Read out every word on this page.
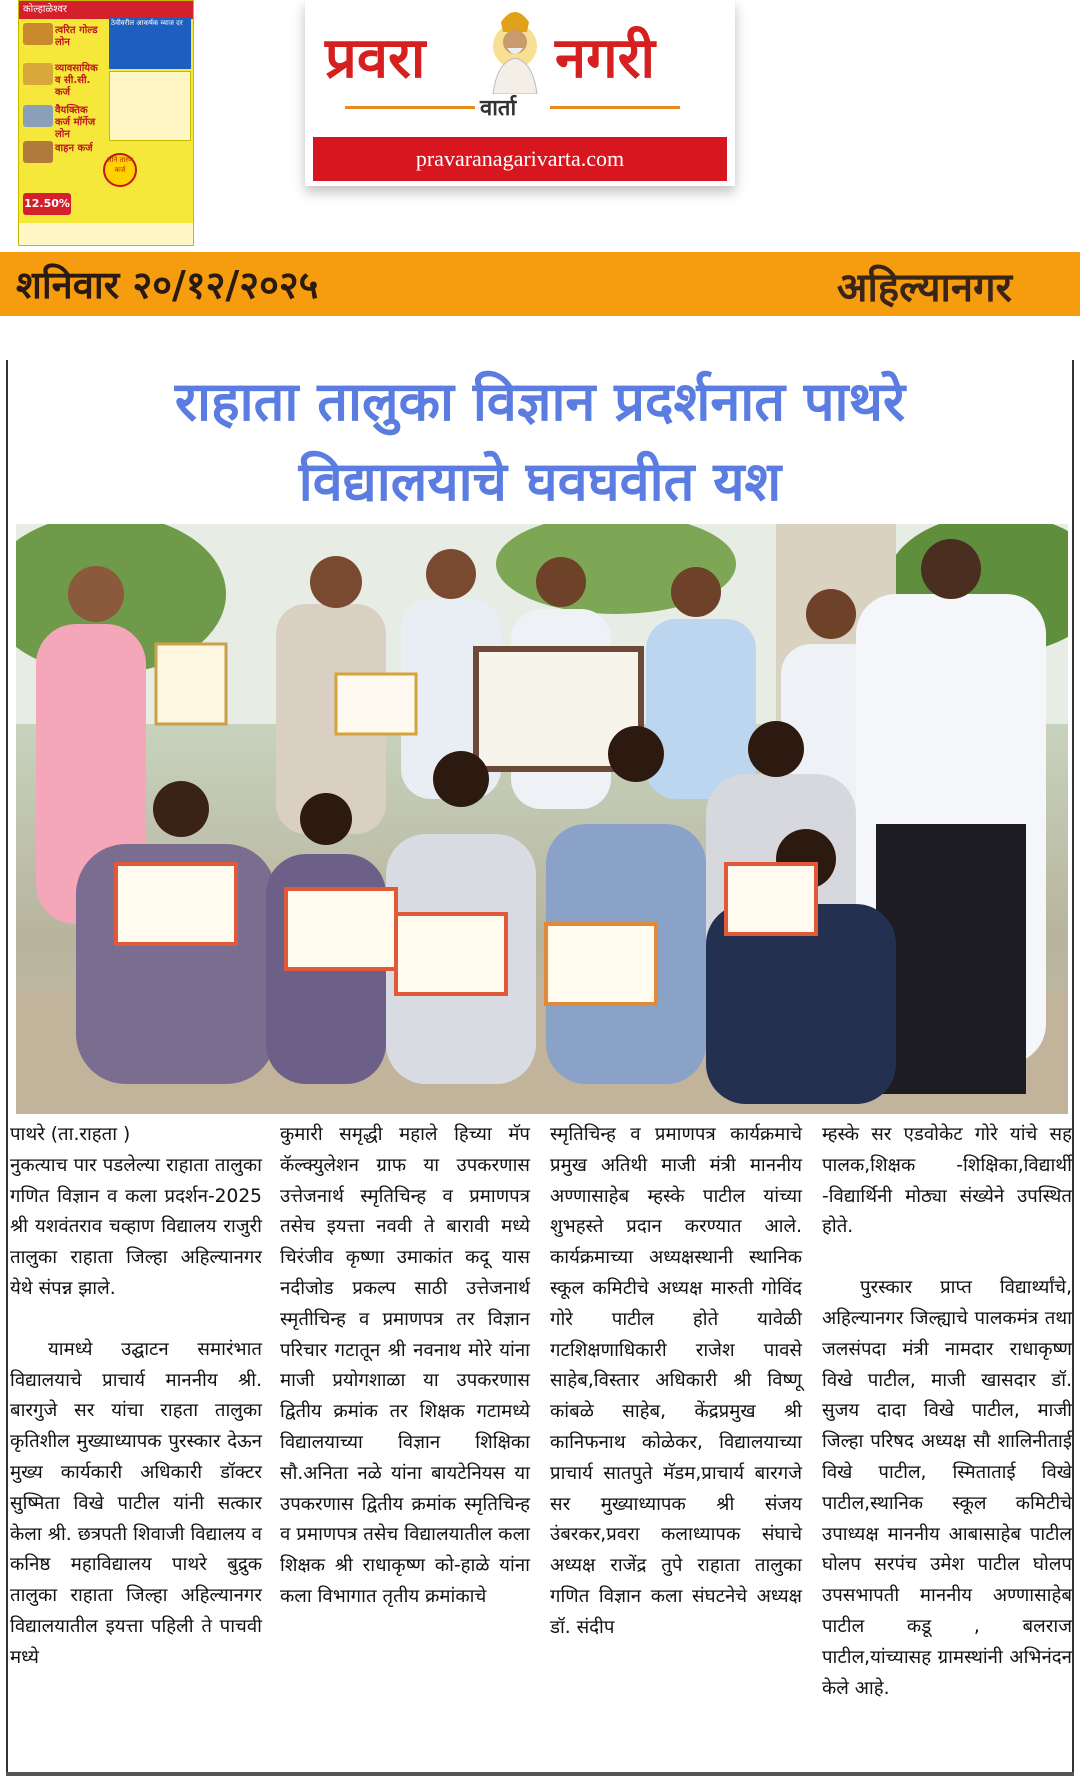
कोल्हाळेश्वर
त्वरित गोल्ड लोन
व्यावसायिक व सी.सी. कर्ज
वैयक्तिक कर्ज मॉर्गेज लोन
वाहन कर्ज
ठेवीवरील आकर्षक व्याज दर
सोने तारण कर्ज
12.50%
प्रवरा नगरी
वार्ता
pravaranagarivarta.com
शनिवार २०/१२/२०२५	अहिल्यानगर
राहाता तालुका विज्ञान प्रदर्शनात पाथरे
विद्यालयाचे घवघवीत यश

पाथरे (ता.राहता )

नुकत्याच पार पडलेल्या राहाता तालुका गणित विज्ञान व कला प्रदर्शन-2025 श्री यशवंतराव चव्हाण विद्यालय राजुरी तालुका राहाता जिल्हा अहिल्यानगर येथे संपन्न झाले.

यामध्ये उद्घाटन समारंभात विद्यालयाचे प्राचार्य माननीय श्री. बारगुजे सर यांचा राहता तालुका कृतिशील मुख्याध्यापक पुरस्कार देऊन मुख्य कार्यकारी अधिकारी डॉक्टर सुष्मिता विखे पाटील यांनी सत्कार केला श्री. छत्रपती शिवाजी विद्यालय व कनिष्ठ महाविद्यालय पाथरे बुद्रुक तालुका राहाता जिल्हा अहिल्यानगर विद्यालयातील इयत्ता पहिली ते पाचवी मध्ये

कुमारी समृद्धी महाले हिच्या मॅप कॅल्क्युलेशन ग्राफ या उपकरणास उत्तेजनार्थ स्मृतिचिन्ह व प्रमाणपत्र तसेच इयत्ता नववी ते बारावी मध्ये चिरंजीव कृष्णा उमाकांत कदू यास नदीजोड प्रकल्प साठी उत्तेजनार्थ स्मृतीचिन्ह व प्रमाणपत्र तर विज्ञान परिचार गटातून श्री नवनाथ मोरे यांना माजी प्रयोगशाळा या उपकरणास द्वितीय क्रमांक तर शिक्षक गटामध्ये विद्यालयाच्या विज्ञान शिक्षिका सौ.अनिता नळे यांना बायटेनियस या उपकरणास द्वितीय क्रमांक स्मृतिचिन्ह व प्रमाणपत्र तसेच विद्यालयातील कला शिक्षक श्री राधाकृष्ण को-हाळे यांना कला विभागात तृतीय क्रमांकाचे

स्मृतिचिन्ह व प्रमाणपत्र कार्यक्रमाचे प्रमुख अतिथी माजी मंत्री माननीय अण्णासाहेब म्हस्के पाटील यांच्या शुभहस्ते प्रदान करण्यात आले. कार्यक्रमाच्या अध्यक्षस्थानी स्थानिक स्कूल कमिटीचे अध्यक्ष मारुती गोविंद गोरे पाटील होते यावेळी गटशिक्षणाधिकारी राजेश पावसे साहेब,विस्तार अधिकारी श्री विष्णू कांबळे साहेब, केंद्रप्रमुख श्री कानिफनाथ कोळेकर, विद्यालयाच्या प्राचार्य सातपुते मॅडम,प्राचार्य बारगजे सर मुख्याध्यापक श्री संजय उंबरकर,प्रवरा कलाध्यापक संघाचे अध्यक्ष राजेंद्र तुपे राहाता तालुका गणित विज्ञान कला संघटनेचे अध्यक्ष डॉ. संदीप

म्हस्के सर एडवोकेट गोरे यांचे सह पालक,शिक्षक -शिक्षिका,विद्यार्थी -विद्यार्थिनी मोठ्या संख्येने उपस्थित होते.

पुरस्कार प्राप्त विद्यार्थ्यांचे, अहिल्यानगर जिल्ह्याचे पालकमंत्र तथा जलसंपदा मंत्री नामदार राधाकृष्ण विखे पाटील, माजी खासदार डॉ. सुजय दादा विखे पाटील, माजी जिल्हा परिषद अध्यक्ष सौ शालिनीताई विखे पाटील, स्मिताताई विखे पाटील,स्थानिक स्कूल कमिटीचे उपाध्यक्ष माननीय आबासाहेब पाटील घोलप सरपंच उमेश पाटील घोलप उपसभापती माननीय अण्णासाहेब पाटील कडू , बलराज पाटील,यांच्यासह ग्रामस्थांनी अभिनंदन केले आहे.
